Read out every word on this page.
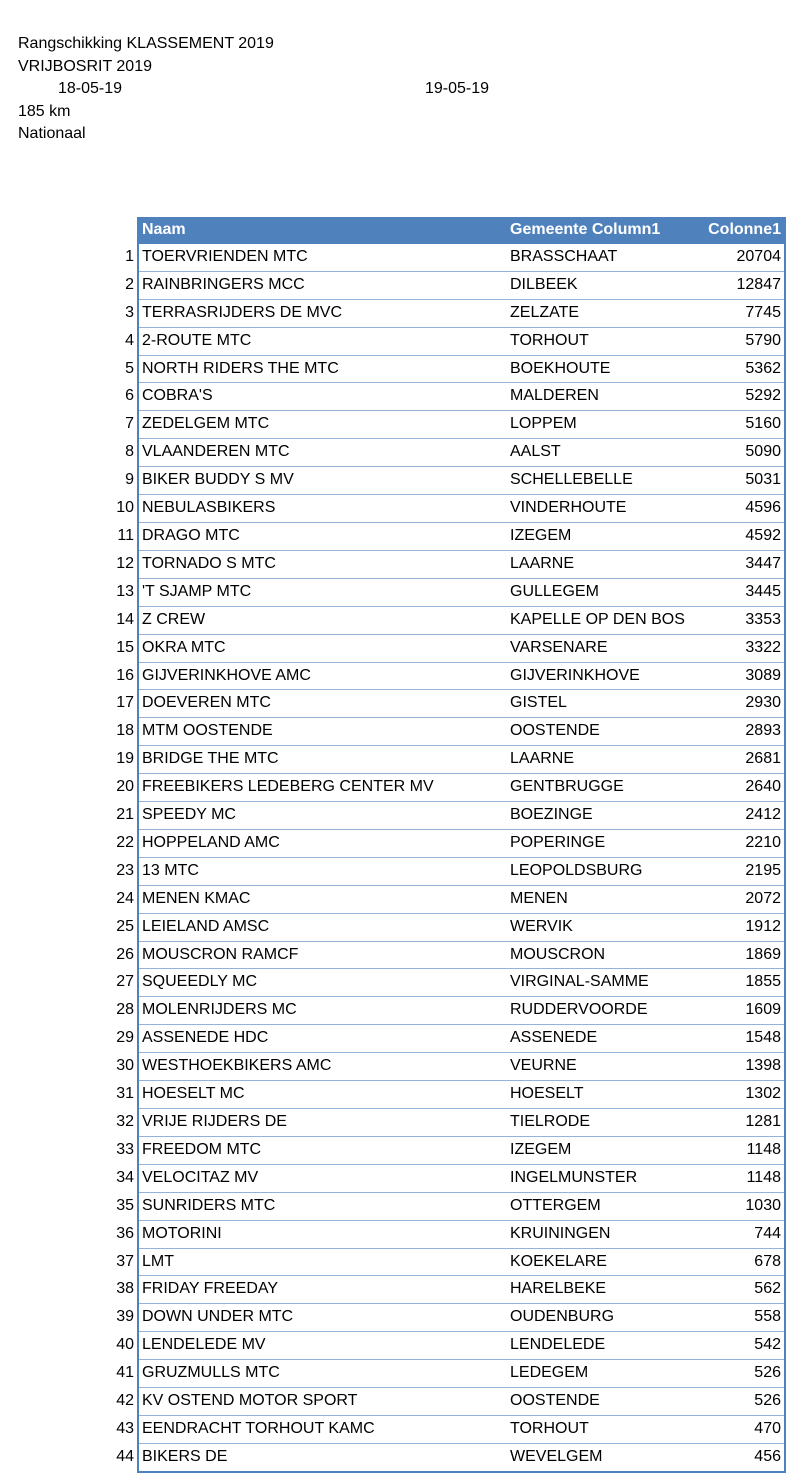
Rangschikking KLASSEMENT 2019
VRIJBOSRIT 2019
18-05-19	19-05-19
185 km
Nationaal
	Naam	Gemeente Column1	Colonne1
1	TOERVRIENDEN MTC	BRASSCHAAT	20704
2	RAINBRINGERS MCC	DILBEEK	12847
3	TERRASRIJDERS DE MVC	ZELZATE	7745
4	2-ROUTE MTC	TORHOUT	5790
5	NORTH RIDERS THE MTC	BOEKHOUTE	5362
6	COBRA'S	MALDEREN	5292
7	ZEDELGEM MTC	LOPPEM	5160
8	VLAANDEREN MTC	AALST	5090
9	BIKER BUDDY S MV	SCHELLEBELLE	5031
10	NEBULASBIKERS	VINDERHOUTE	4596
11	DRAGO MTC	IZEGEM	4592
12	TORNADO S MTC	LAARNE	3447
13	'T SJAMP MTC	GULLEGEM	3445
14	Z CREW	KAPELLE OP DEN BOS	3353
15	OKRA MTC	VARSENARE	3322
16	GIJVERINKHOVE AMC	GIJVERINKHOVE	3089
17	DOEVEREN MTC	GISTEL	2930
18	MTM OOSTENDE	OOSTENDE	2893
19	BRIDGE THE MTC	LAARNE	2681
20	FREEBIKERS LEDEBERG CENTER MV	GENTBRUGGE	2640
21	SPEEDY MC	BOEZINGE	2412
22	HOPPELAND AMC	POPERINGE	2210
23	13 MTC	LEOPOLDSBURG	2195
24	MENEN KMAC	MENEN	2072
25	LEIELAND AMSC	WERVIK	1912
26	MOUSCRON RAMCF	MOUSCRON	1869
27	SQUEEDLY MC	VIRGINAL-SAMME	1855
28	MOLENRIJDERS MC	RUDDERVOORDE	1609
29	ASSENEDE HDC	ASSENEDE	1548
30	WESTHOEKBIKERS AMC	VEURNE	1398
31	HOESELT MC	HOESELT	1302
32	VRIJE RIJDERS DE	TIELRODE	1281
33	FREEDOM MTC	IZEGEM	1148
34	VELOCITAZ MV	INGELMUNSTER	1148
35	SUNRIDERS MTC	OTTERGEM	1030
36	MOTORINI	KRUININGEN	744
37	LMT	KOEKELARE	678
38	FRIDAY FREEDAY	HARELBEKE	562
39	DOWN UNDER MTC	OUDENBURG	558
40	LENDELEDE MV	LENDELEDE	542
41	GRUZMULLS MTC	LEDEGEM	526
42	KV OSTEND MOTOR SPORT	OOSTENDE	526
43	EENDRACHT TORHOUT KAMC	TORHOUT	470
44	BIKERS DE	WEVELGEM	456
